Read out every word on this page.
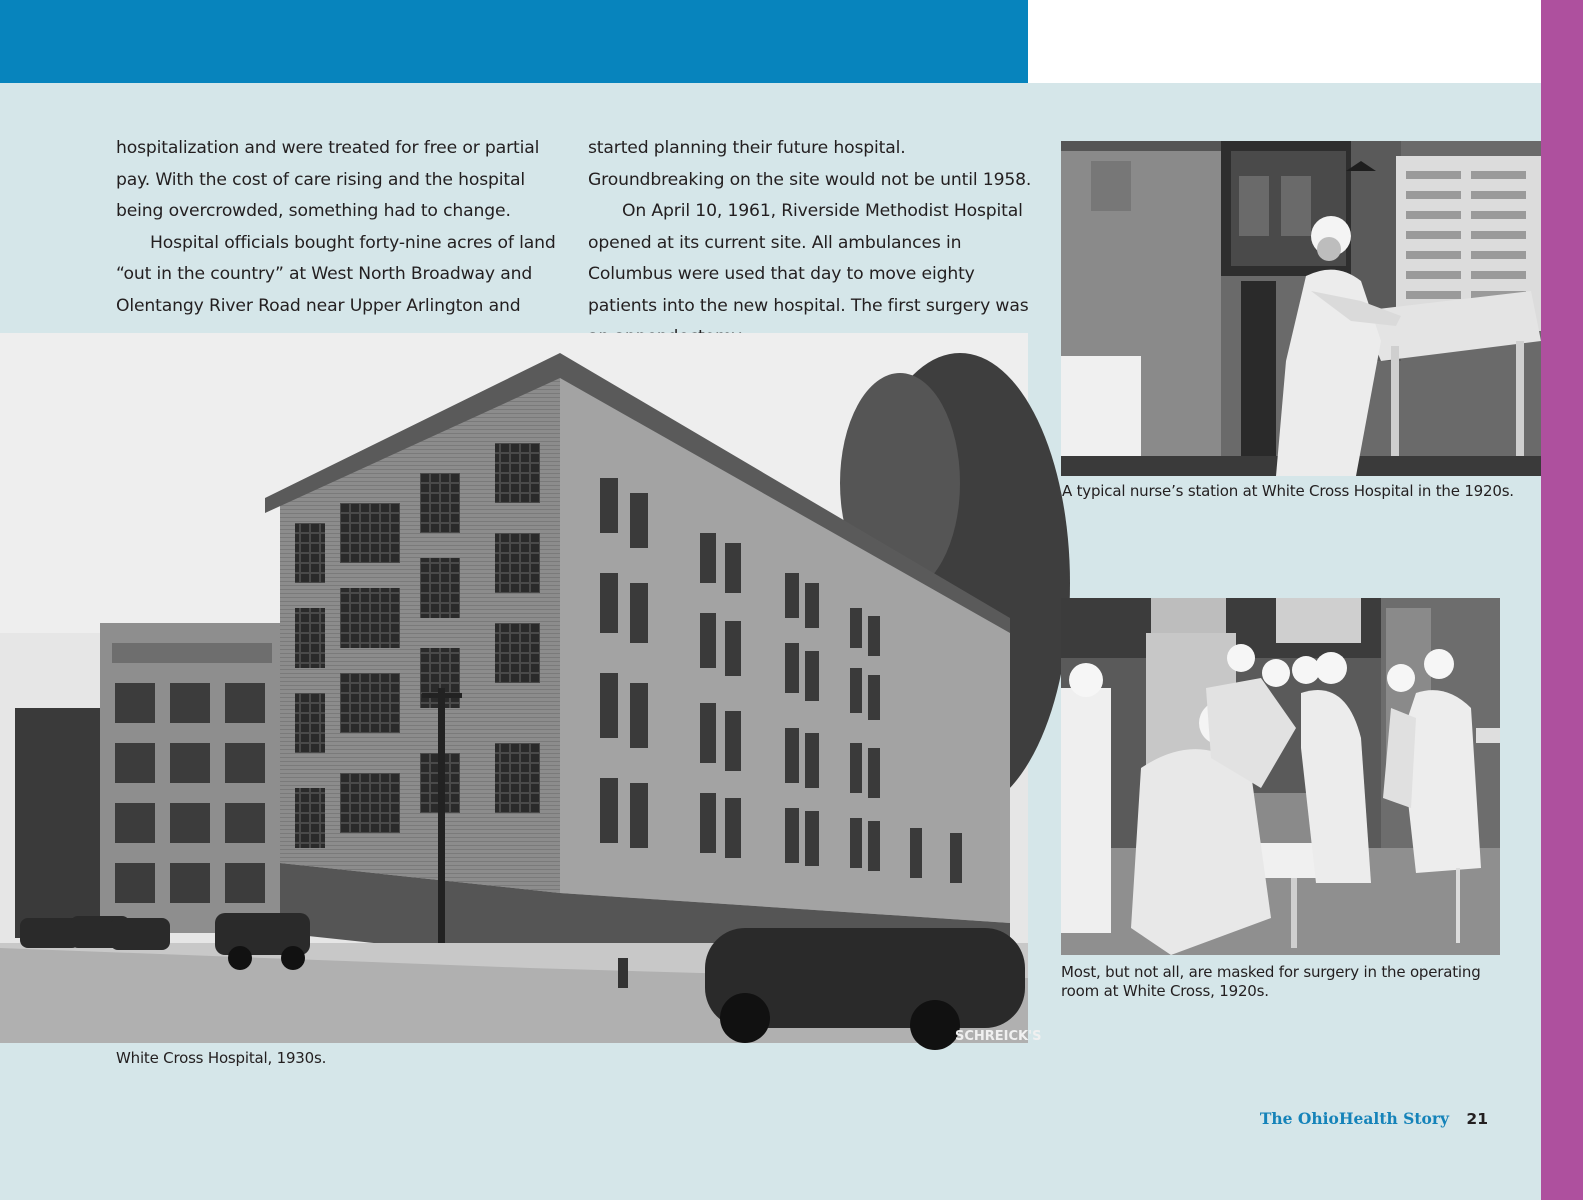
hospitalization and were treated for free or partial pay. With the cost of care rising and the hospital being overcrowded, something had to change.

Hospital officials bought forty-nine acres of land “out in the country” at West North Broadway and Olentangy River Road near Upper Arlington and

started planning their future hospital. Groundbreaking on the site would not be until 1958.

On April 10, 1961, Riverside Methodist Hospital opened at its current site. All ambulances in Columbus were used that day to move eighty patients into the new hospital. The first surgery was

SCHREICK'S
White Cross Hospital, 1930s.
A typical nurse’s station at White Cross Hospital in the 1920s.
Most, but not all, are masked for surgery in the operating room at White Cross, 1920s.
The OhioHealth Story 21
